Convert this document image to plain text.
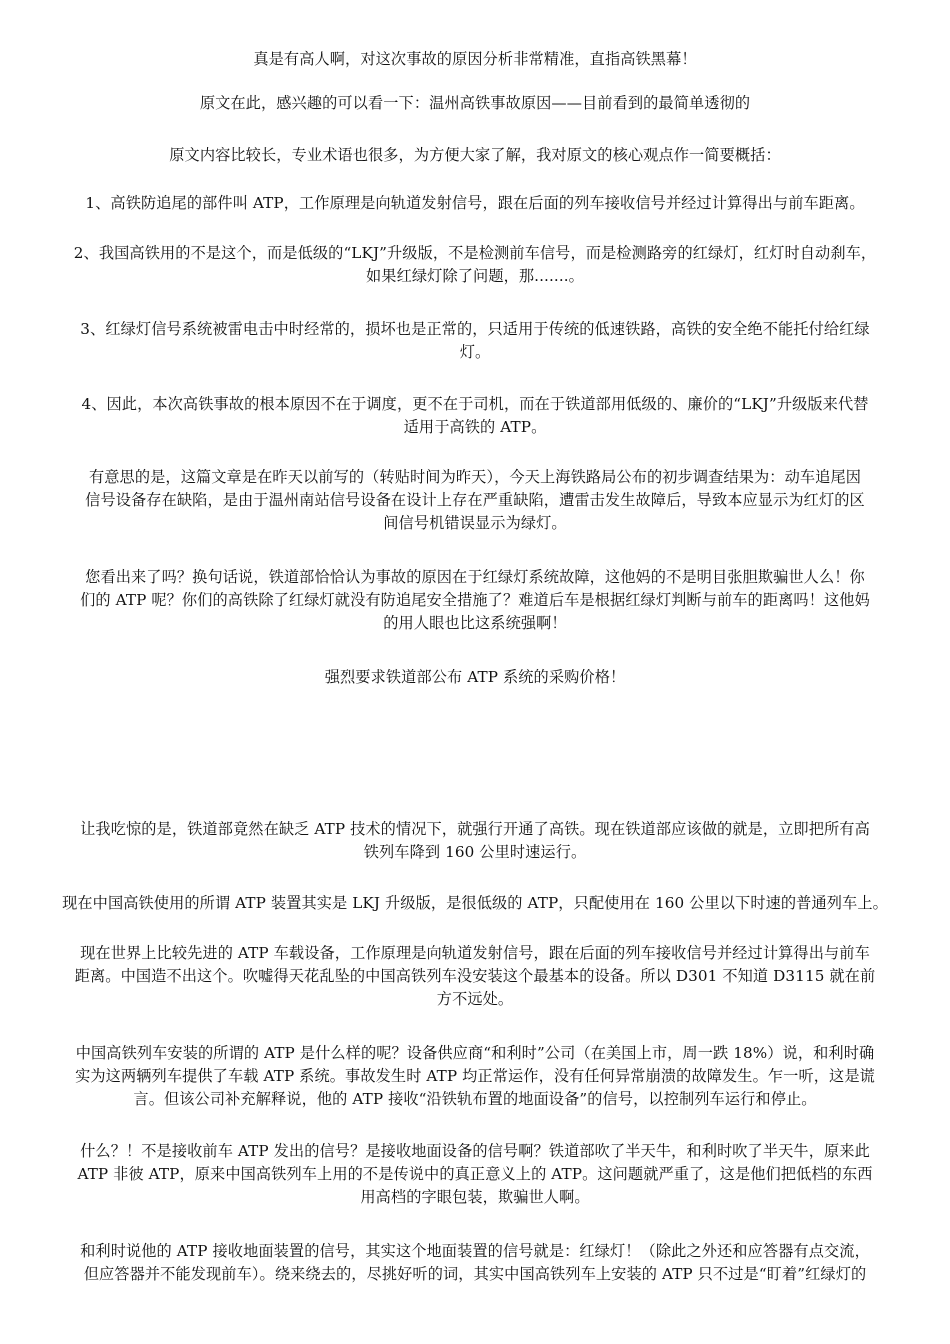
真是有高人啊，对这次事故的原因分析非常精准，直指高铁黑幕！

原文在此，感兴趣的可以看一下：温州高铁事故原因——目前看到的最简单透彻的

原文内容比较长，专业术语也很多，为方便大家了解，我对原文的核心观点作一简要概括：

1、高铁防追尾的部件叫 ATP，工作原理是向轨道发射信号，跟在后面的列车接收信号并经过计算得出与前车距离。

2、我国高铁用的不是这个，而是低级的“LKJ”升级版，不是检测前车信号，而是检测路旁的红绿灯，红灯时自动刹车，
如果红绿灯除了问题，那.......。

3、红绿灯信号系统被雷电击中时经常的，损坏也是正常的，只适用于传统的低速铁路，高铁的安全绝不能托付给红绿
灯。

4、因此，本次高铁事故的根本原因不在于调度，更不在于司机，而在于铁道部用低级的、廉价的“LKJ”升级版来代替
适用于高铁的 ATP。

有意思的是，这篇文章是在昨天以前写的（转贴时间为昨天），今天上海铁路局公布的初步调查结果为：动车追尾因
信号设备存在缺陷，是由于温州南站信号设备在设计上存在严重缺陷，遭雷击发生故障后，导致本应显示为红灯的区
间信号机错误显示为绿灯。

您看出来了吗？换句话说，铁道部恰恰认为事故的原因在于红绿灯系统故障，这他妈的不是明目张胆欺骗世人么！你
们的 ATP 呢？你们的高铁除了红绿灯就没有防追尾安全措施了？难道后车是根据红绿灯判断与前车的距离吗！这他妈
的用人眼也比这系统强啊！

强烈要求铁道部公布 ATP 系统的采购价格！

让我吃惊的是，铁道部竟然在缺乏 ATP 技术的情况下，就强行开通了高铁。现在铁道部应该做的就是，立即把所有高
铁列车降到 160 公里时速运行。

现在中国高铁使用的所谓 ATP 装置其实是 LKJ 升级版，是很低级的 ATP，只配使用在 160 公里以下时速的普通列车上。

现在世界上比较先进的 ATP 车载设备，工作原理是向轨道发射信号，跟在后面的列车接收信号并经过计算得出与前车
距离。中国造不出这个。吹嘘得天花乱坠的中国高铁列车没安装这个最基本的设备。所以 D301 不知道 D3115 就在前
方不远处。

中国高铁列车安装的所谓的 ATP 是什么样的呢？设备供应商“和利时”公司（在美国上市，周一跌 18%）说，和利时确
实为这两辆列车提供了车载 ATP 系统。事故发生时 ATP 均正常运作，没有任何异常崩溃的故障发生。乍一听，这是谎
言。但该公司补充解释说，他的 ATP 接收“沿铁轨布置的地面设备”的信号，以控制列车运行和停止。

什么？！不是接收前车 ATP 发出的信号？是接收地面设备的信号啊？铁道部吹了半天牛，和利时吹了半天牛，原来此
ATP 非彼 ATP，原来中国高铁列车上用的不是传说中的真正意义上的 ATP。这问题就严重了，这是他们把低档的东西
用高档的字眼包装，欺骗世人啊。

和利时说他的 ATP 接收地面装置的信号，其实这个地面装置的信号就是：红绿灯！（除此之外还和应答器有点交流，
但应答器并不能发现前车）。绕来绕去的，尽挑好听的词，其实中国高铁列车上安装的 ATP 只不过是“盯着”红绿灯的
